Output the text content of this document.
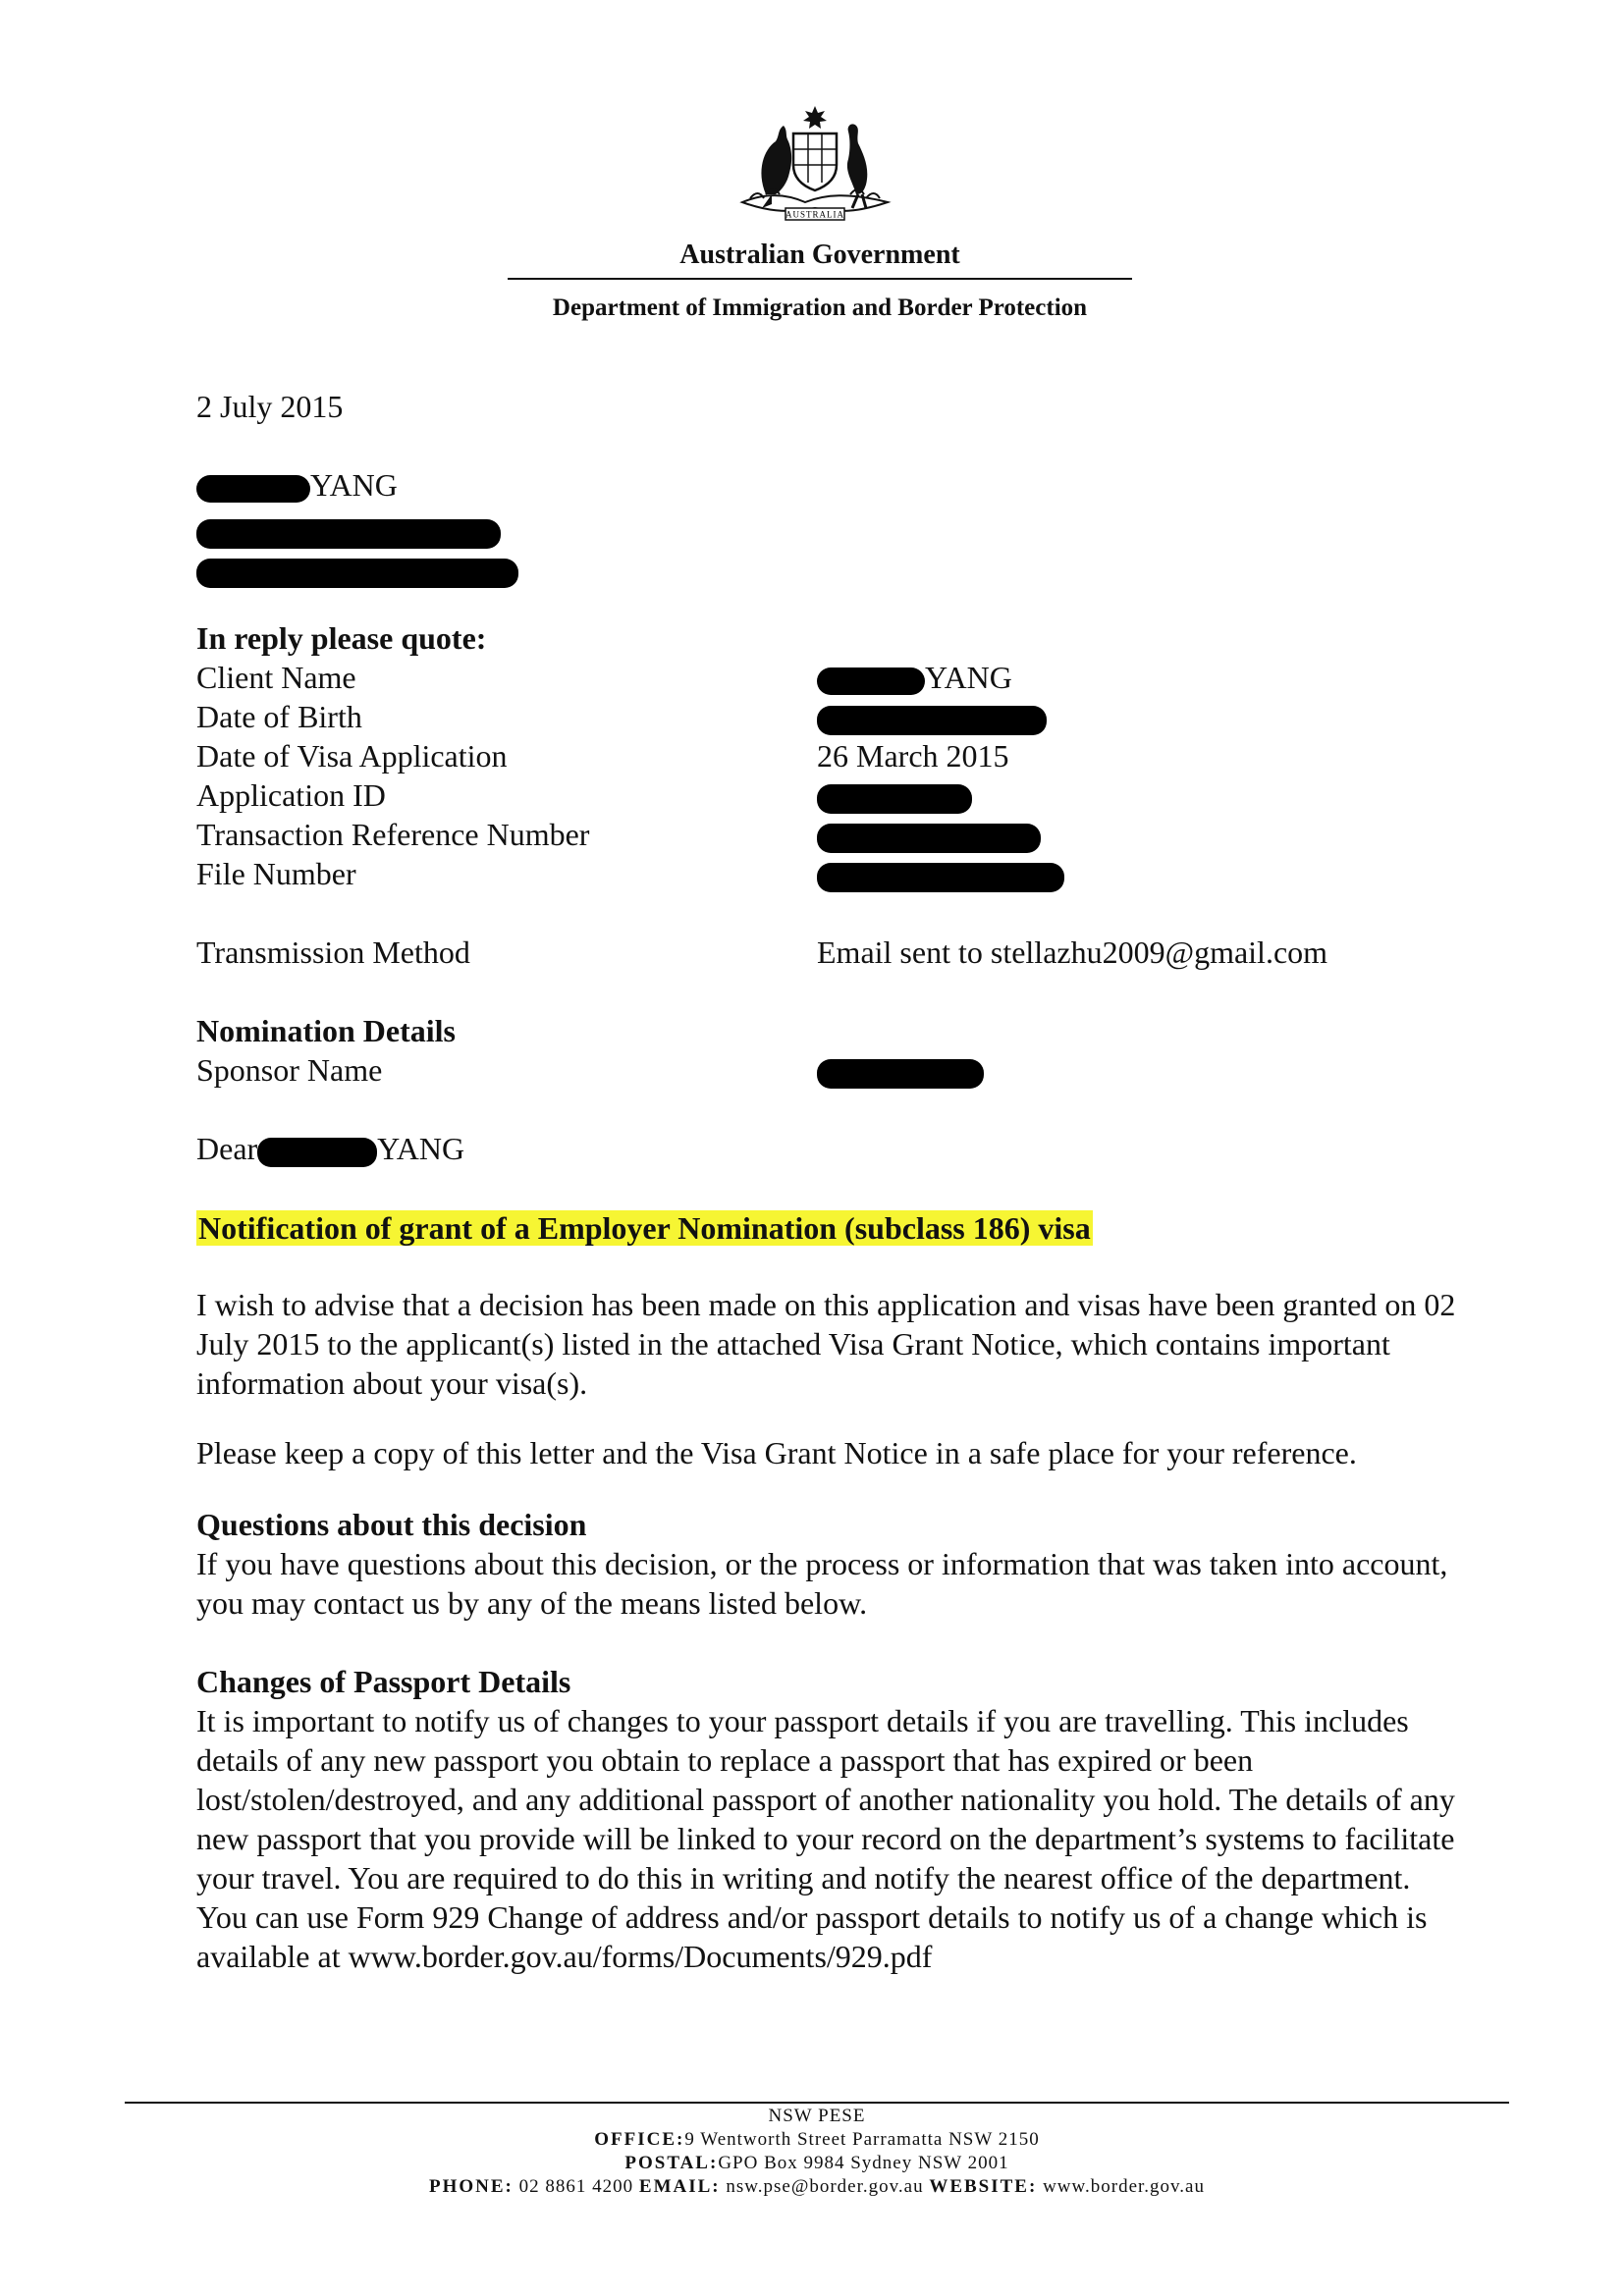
AUSTRALIA
Australian Government
Department of Immigration and Border Protection
2 July 2015
YANG
In reply please quote:
Client Name	YANG
Date of Birth
Date of Visa Application	26 March 2015
Application ID
Transaction Reference Number
File Number
Transmission Method	Email sent to stellazhu2009@gmail.com
Nomination Details
Sponsor Name
Dear	YANG
Notification of grant of a Employer Nomination (subclass 186) visa
I wish to advise that a decision has been made on this application and visas have been granted on 02 July 2015 to the applicant(s) listed in the attached Visa Grant Notice, which contains important information about your visa(s).
Please keep a copy of this letter and the Visa Grant Notice in a safe place for your reference.
Questions about this decision
If you have questions about this decision, or the process or information that was taken into account, you may contact us by any of the means listed below.
Changes of Passport Details
It is important to notify us of changes to your passport details if you are travelling. This includes details of any new passport you obtain to replace a passport that has expired or been lost/stolen/destroyed, and any additional passport of another nationality you hold. The details of any new passport that you provide will be linked to your record on the department’s systems to facilitate your travel. You are required to do this in writing and notify the nearest office of the department. You can use Form 929 Change of address and/or passport details to notify us of a change which is available at www.border.gov.au/forms/Documents/929.pdf
NSW PESE
OFFICE:9 Wentworth Street Parramatta NSW 2150
POSTAL:GPO Box 9984 Sydney NSW 2001
PHONE: 02 8861 4200 EMAIL: nsw.pse@border.gov.au WEBSITE: www.border.gov.au
